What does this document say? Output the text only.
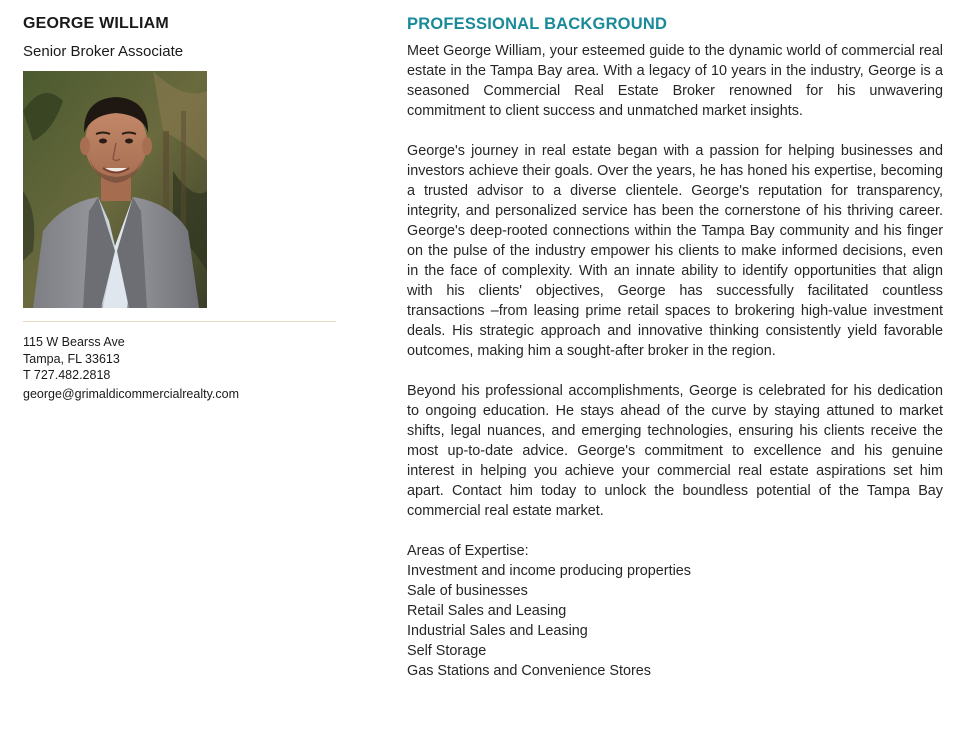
GEORGE WILLIAM
Senior Broker Associate
115 W Bearss Ave
Tampa, FL 33613
T 727.482.2818
george@grimaldicommercialrealty.com
PROFESSIONAL BACKGROUND

Meet George William, your esteemed guide to the dynamic world of commercial real estate in the Tampa Bay area. With a legacy of 10 years in the industry, George is a seasoned Commercial Real Estate Broker renowned for his unwavering commitment to client success and unmatched market insights.

George's journey in real estate began with a passion for helping businesses and investors achieve their goals. Over the years, he has honed his expertise, becoming a trusted advisor to a diverse clientele. George's reputation for transparency, integrity, and personalized service has been the cornerstone of his thriving career. George's deep-rooted connections within the Tampa Bay community and his finger on the pulse of the industry empower his clients to make informed decisions, even in the face of complexity. With an innate ability to identify opportunities that align with his clients' objectives, George has successfully facilitated countless transactions –from leasing prime retail spaces to brokering high-value investment deals. His strategic approach and innovative thinking consistently yield favorable outcomes, making him a sought-after broker in the region.

Beyond his professional accomplishments, George is celebrated for his dedication to ongoing education. He stays ahead of the curve by staying attuned to market shifts, legal nuances, and emerging technologies, ensuring his clients receive the most up-to-date advice. George's commitment to excellence and his genuine interest in helping you achieve your commercial real estate aspirations set him apart. Contact him today to unlock the boundless potential of the Tampa Bay commercial real estate market.

Areas of Expertise:
Investment and income producing properties
Sale of businesses
Retail Sales and Leasing
Industrial Sales and Leasing
Self Storage
Gas Stations and Convenience Stores
